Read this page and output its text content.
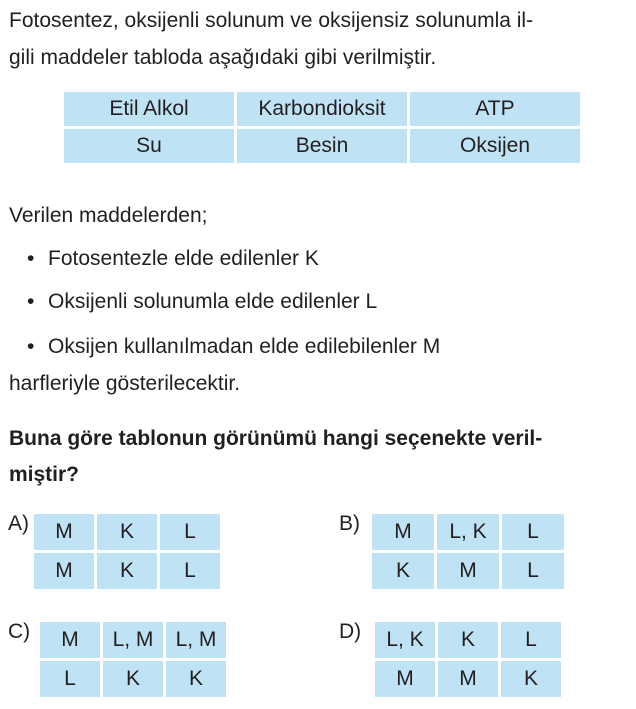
Fotosentez, oksijenli solunum ve oksijensiz solunumla il-
gili maddeler tabloda aşağıdaki gibi verilmiştir.
Etil Alkol	Karbondioksit	ATP
Su	Besin	Oksijen
Verilen maddelerden;
• Fotosentezle elde edilenler K
• Oksijenli solunumla elde edilenler L
• Oksijen kullanılmadan elde edilebilenler M
harfleriyle gösterilecektir.
Buna göre tablonun görünümü hangi seçenekte veril-
miştir?
A) M	K	L
M	K	L
B) M	L, K	L
K	M	L
C) M	L, M	L, M
L	K	K
D) L, K	K	L
M	M	K
